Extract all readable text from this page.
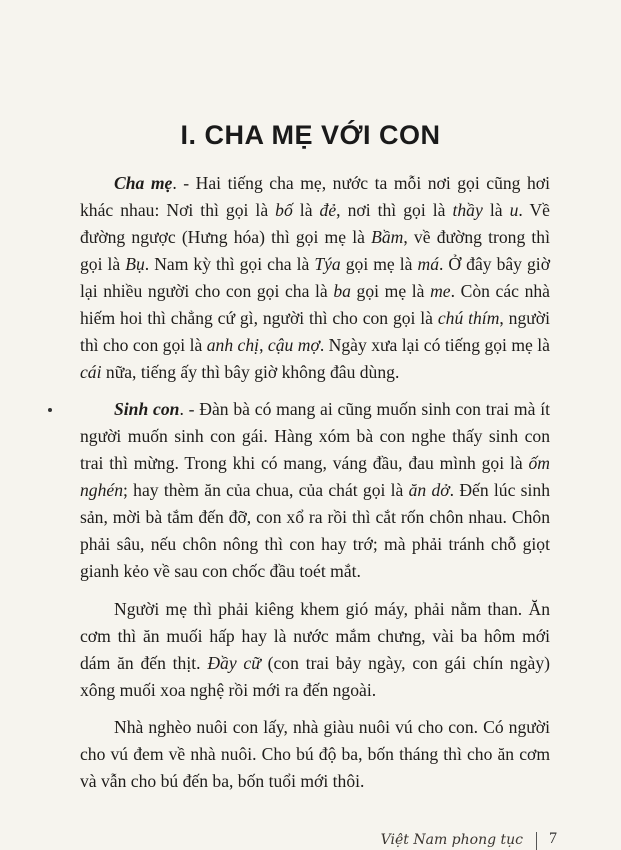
I. CHA MẸ VỚI CON

Cha mẹ. - Hai tiếng cha mẹ, nước ta mỗi nơi gọi cũng hơi khác nhau: Nơi thì gọi là bố là đẻ, nơi thì gọi là thầy là u. Về đường ngược (Hưng hóa) thì gọi mẹ là Bầm, về đường trong thì gọi là Bụ. Nam kỳ thì gọi cha là Týa gọi mẹ là má. Ở đây bây giờ lại nhiều người cho con gọi cha là ba gọi mẹ là me. Còn các nhà hiếm hoi thì chẳng cứ gì, người thì cho con gọi là chú thím, người thì cho con gọi là anh chị, cậu mợ. Ngày xưa lại có tiếng gọi mẹ là cái nữa, tiếng ấy thì bây giờ không đâu dùng.

Sinh con. - Đàn bà có mang ai cũng muốn sinh con trai mà ít người muốn sinh con gái. Hàng xóm bà con nghe thấy sinh con trai thì mừng. Trong khi có mang, váng đầu, đau mình gọi là ốm nghén; hay thèm ăn của chua, của chát gọi là ăn dở. Đến lúc sinh sản, mời bà tắm đến đỡ, con xổ ra rồi thì cắt rốn chôn nhau. Chôn phải sâu, nếu chôn nông thì con hay trớ; mà phải tránh chỗ giọt gianh kẻo về sau con chốc đầu toét mắt.

Người mẹ thì phải kiêng khem gió máy, phải nằm than. Ăn cơm thì ăn muối hấp hay là nước mắm chưng, vài ba hôm mới dám ăn đến thịt. Đầy cữ (con trai bảy ngày, con gái chín ngày) xông muối xoa nghệ rồi mới ra đến ngoài.

Nhà nghèo nuôi con lấy, nhà giàu nuôi vú cho con. Có người cho vú đem về nhà nuôi. Cho bú độ ba, bốn tháng thì cho ăn cơm và vẫn cho bú đến ba, bốn tuổi mới thôi.

Việt Nam phong tục 7
